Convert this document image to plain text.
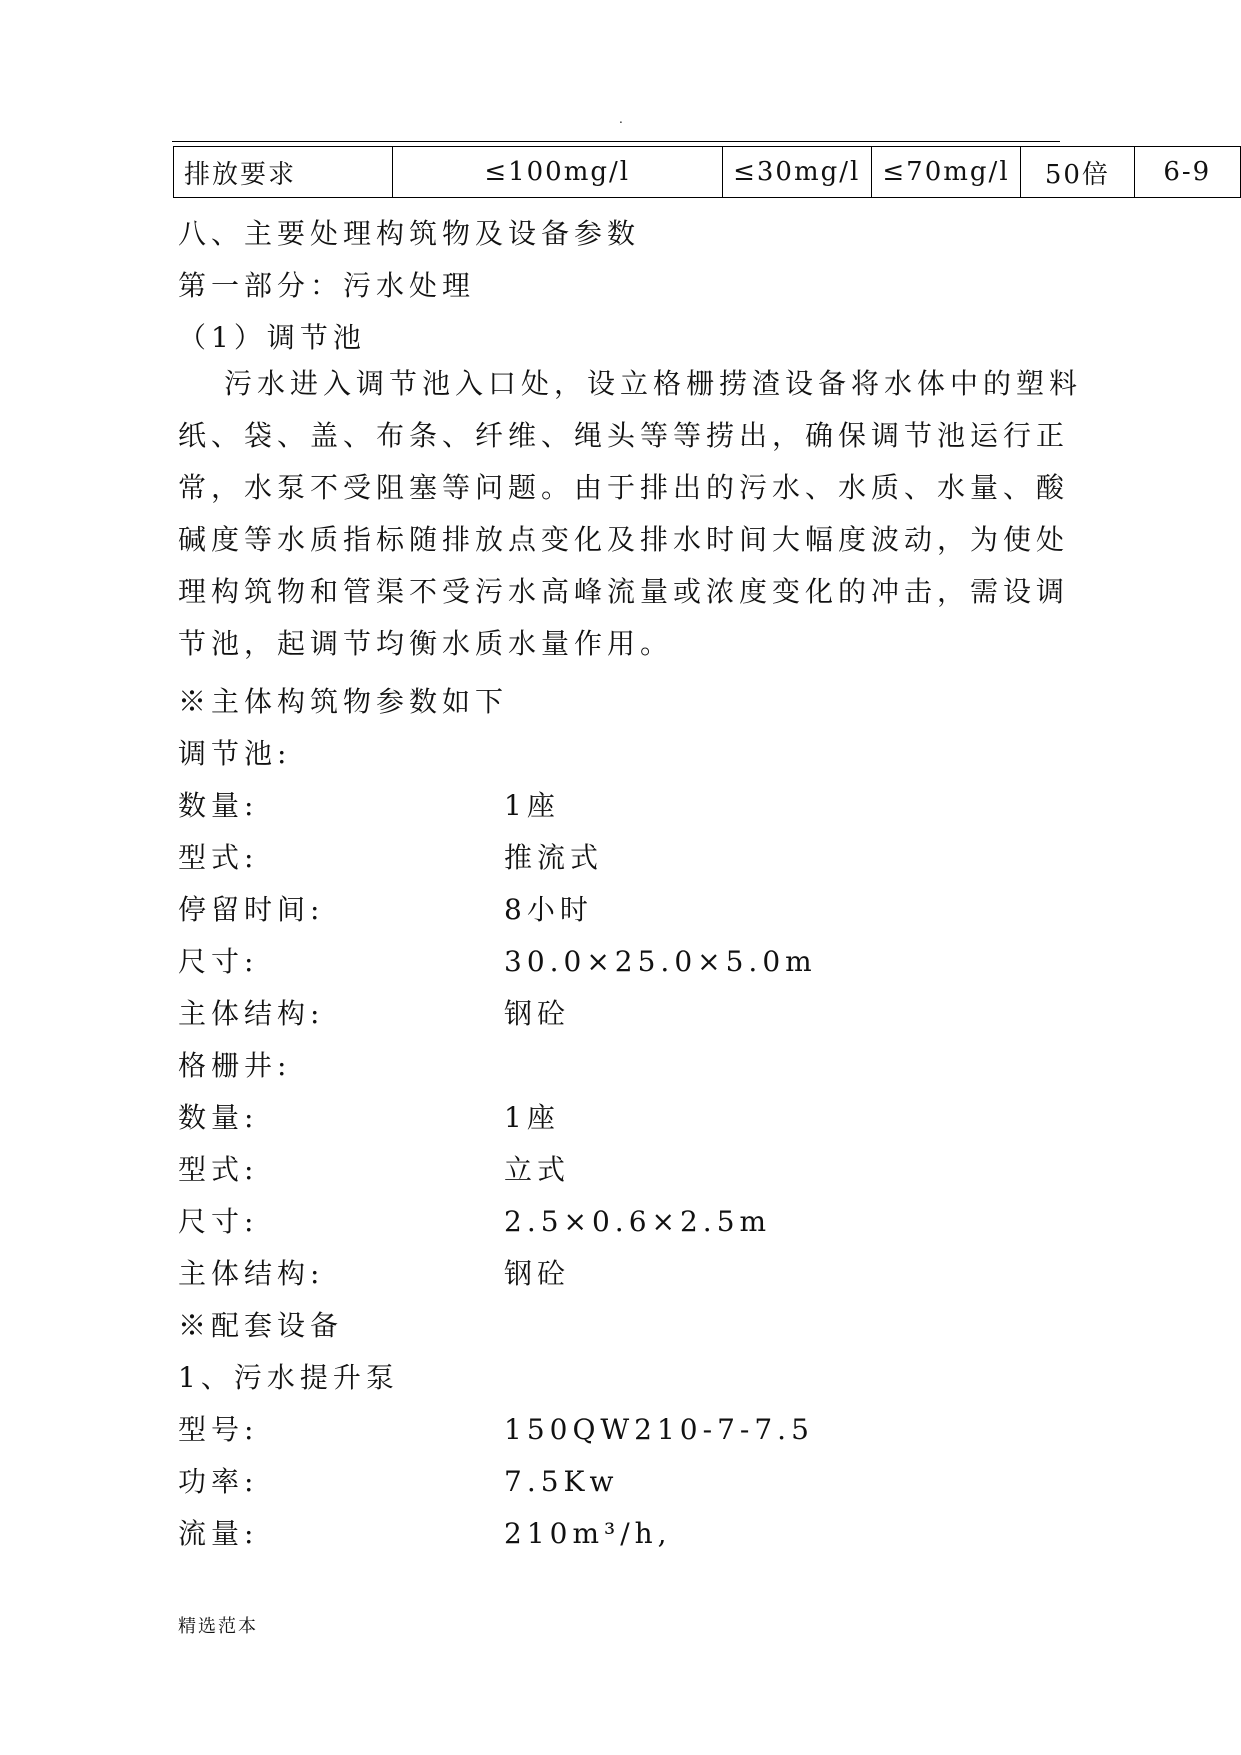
.
排放要求	≤100mg/l	≤30mg/l	≤70mg/l	50倍	6-9
八、主要处理构筑物及设备参数
第一部分：污水处理
（1）调节池
污水进入调节池入口处，设立格栅捞渣设备将水体中的塑料纸、袋、盖、布条、纤维、绳头等等捞出，确保调节池运行正常，水泵不受阻塞等问题。由于排出的污水、水质、水量、酸碱度等水质指标随排放点变化及排水时间大幅度波动，为使处理构筑物和管渠不受污水高峰流量或浓度变化的冲击，需设调节池，起调节均衡水质水量作用。
※主体构筑物参数如下
调节池:
数量:	1座
型式:	推流式
停留时间:	8小时
尺寸:	30.0×25.0×5.0m
主体结构:	钢砼
格栅井:
数量:	1座
型式:	立式
尺寸:	2.5×0.6×2.5m
主体结构:	钢砼
※配套设备
1、污水提升泵
型号:	150QW210-7-7.5
功率:	7.5Kw
流量:	210m³/h,
精选范本
